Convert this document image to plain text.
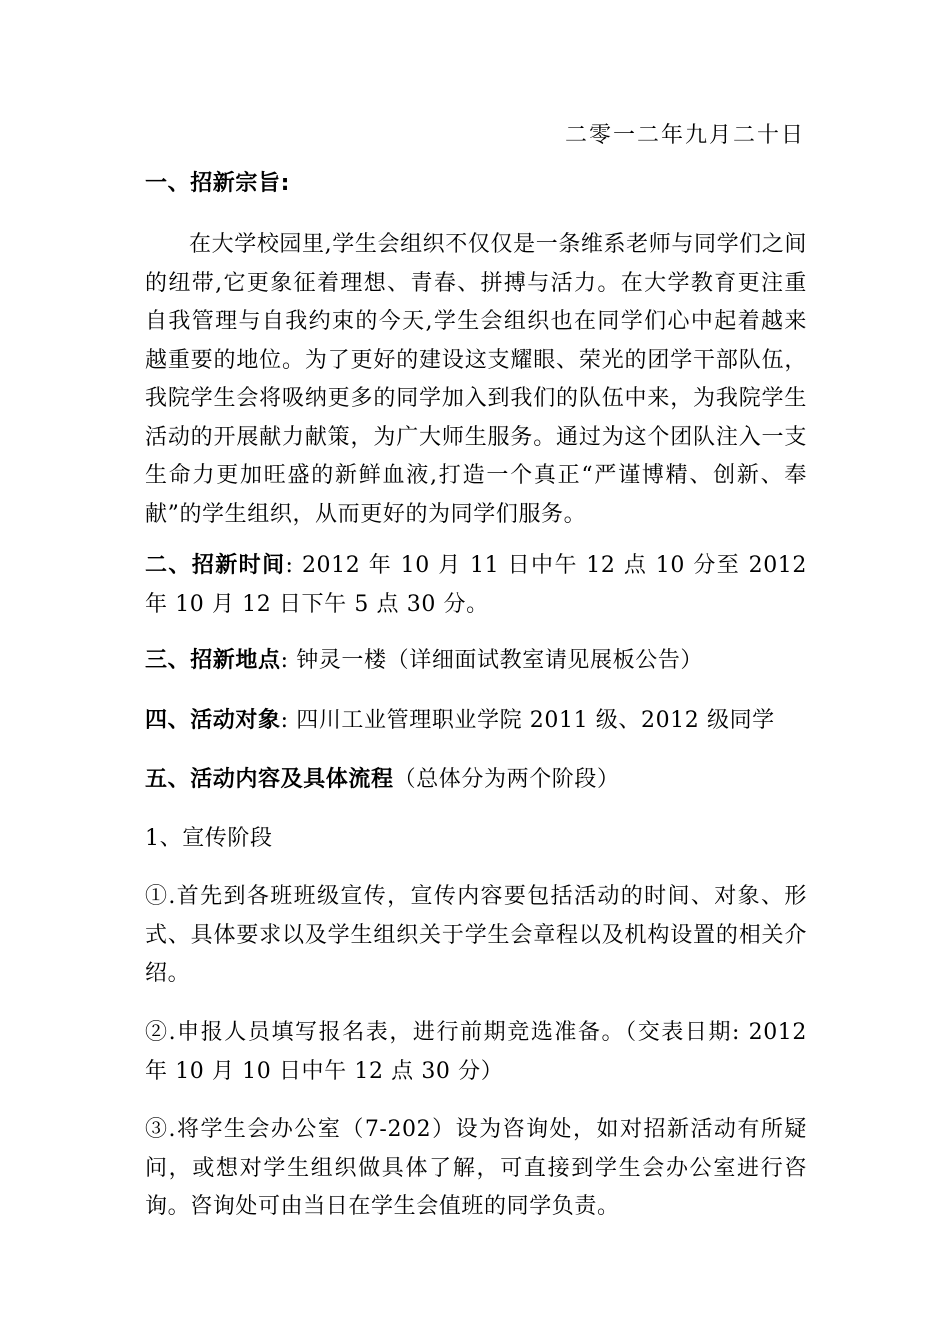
二零一二年九月二十日

一、招新宗旨:

在大学校园里,学生会组织不仅仅是一条维系老师与同学们之间的纽带,它更象征着理想、青春、拼搏与活力。在大学教育更注重自我管理与自我约束的今天,学生会组织也在同学们心中起着越来越重要的地位。为了更好的建设这支耀眼、荣光的团学干部队伍，我院学生会将吸纳更多的同学加入到我们的队伍中来，为我院学生活动的开展献力献策，为广大师生服务。通过为这个团队注入一支生命力更加旺盛的新鲜血液,打造一个真正“严谨博精、创新、奉献”的学生组织，从而更好的为同学们服务。

二、招新时间: 2012 年 10 月 11 日中午 12 点 10 分至 2012 年 10 月 12 日下午 5 点 30 分。

三、招新地点: 钟灵一楼（详细面试教室请见展板公告）

四、活动对象: 四川工业管理职业学院 2011 级、2012 级同学

五、活动内容及具体流程（总体分为两个阶段）

1、宣传阶段

①.首先到各班班级宣传，宣传内容要包括活动的时间、对象、形式、具体要求以及学生组织关于学生会章程以及机构设置的相关介绍。

②.申报人员填写报名表，进行前期竞选准备。（交表日期: 2012 年 10 月 10 日中午 12 点 30 分）

③.将学生会办公室（7-202）设为咨询处，如对招新活动有所疑问，或想对学生组织做具体了解，可直接到学生会办公室进行咨询。咨询处可由当日在学生会值班的同学负责。
